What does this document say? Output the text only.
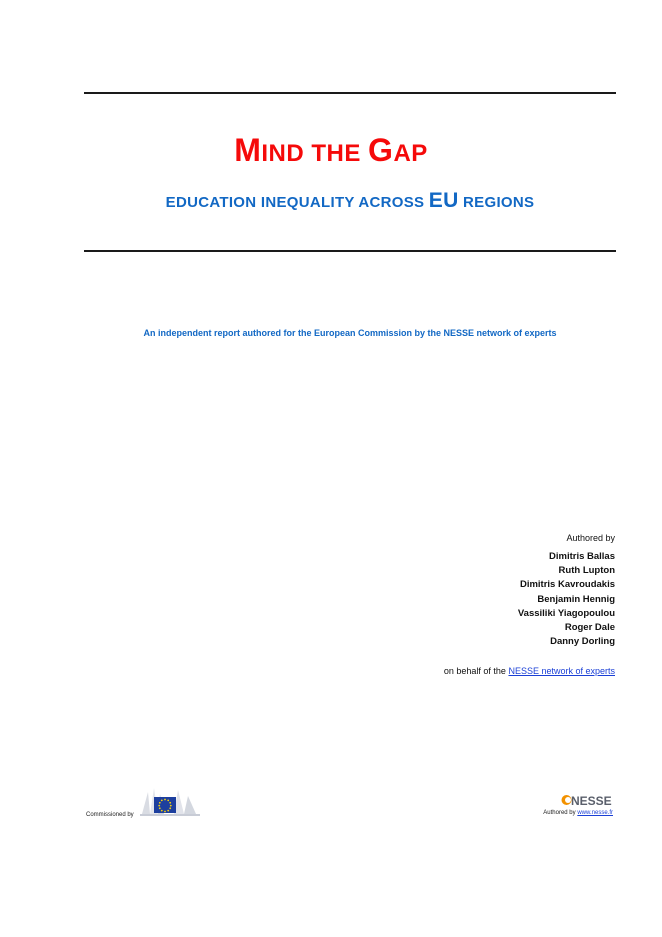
MIND THE GAP
EDUCATION INEQUALITY ACROSS EU REGIONS
An independent report authored for the European Commission by the NESSE network of experts
Authored by
Dimitris Ballas
Ruth Lupton
Dimitris Kavroudakis
Benjamin Hennig
Vassiliki Yiagopoulou
Roger Dale
Danny Dorling
on behalf of the NESSE network of experts
Commissioned by
NESSE
Authored by www.nesse.fr
